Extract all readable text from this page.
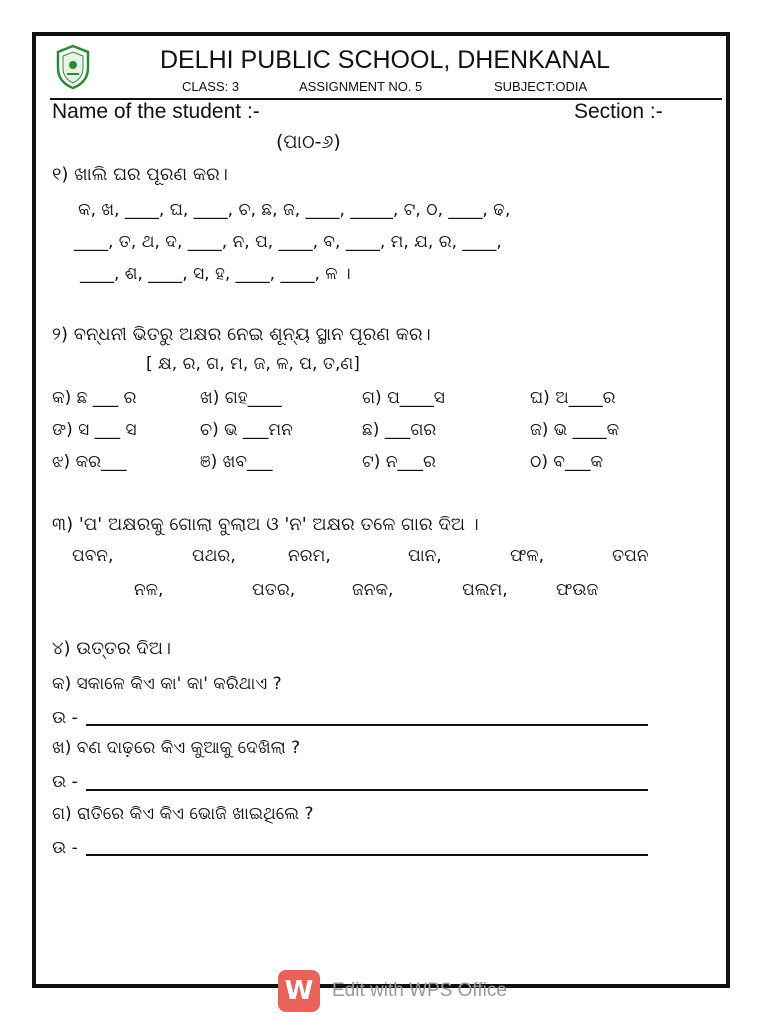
DELHI PUBLIC SCHOOL, DHENKANAL
CLASS: 3	ASSIGNMENT NO. 5	SUBJECT:ODIA
Name of the student :-	Section :-
(ପାଠ-୬)
୧) ଖାଲି ଘର ପୂରଣ କର।
କ, ଖ, ____, ଘ, ____, ଚ, ଛ, ଜ, ____, _____, ଟ, ଠ, ____, ଢ,
____, ତ, ଥ, ଦ, ____, ନ, ପ, ____, ବ, ____, ମ, ଯ, ର, ____,
____, ଶ, ____, ସ, ହ, ____, ____, ଳ ।
୨) ବନ୍ଧନୀ ଭିତରୁ ଅକ୍ଷର ନେଇ ଶୂନ୍ୟ ସ୍ଥାନ ପୂରଣ କର।
[ କ୍ଷ, ର, ଗ, ମ, ଜ, ଳ, ପ, ତ,ଣ]
କ) ଛ ___ ର	ଖ) ଗହ____	ଗ) ପ____ସ	ଘ) ଅ____ର
ଙ) ସ ___ ସ	ଚ) ଭ ___ମନ	ଛ) ___ଗର	ଜ) ଭ ____କ
ଝ) କର___	ଞ) ଖବ___	ଟ) ନ___ର	ଠ) ବ___କ
୩) 'ପ' ଅକ୍ଷରକୁ ଗୋଲା ବୁଲାଅ ଓ 'ନ' ଅକ୍ଷର ତଳେ ଗାର ଦିଅ ।
ପବନ,	ପଥର,	ନରମ,	ପାନ,	ଫଳ,	ତପନ
ନଳ,	ପତର,	ଜନକ,	ପଲମ,	ଫଉଜ
୪) ଉତ୍ତର ଦିଅ।
କ) ସକାଳେ କିଏ କା' କା' କରିଥାଏ ?
ଉ -
ଖ) ବଣ ଦାଢ଼ରେ କିଏ କୁଆକୁ ଦେଖିଲା ?
ଉ -
ଗ) ରାତିରେ କିଏ କିଏ ଭୋଜି ଖାଇଥିଲେ ?
ଉ -
W Edit with WPS Office
